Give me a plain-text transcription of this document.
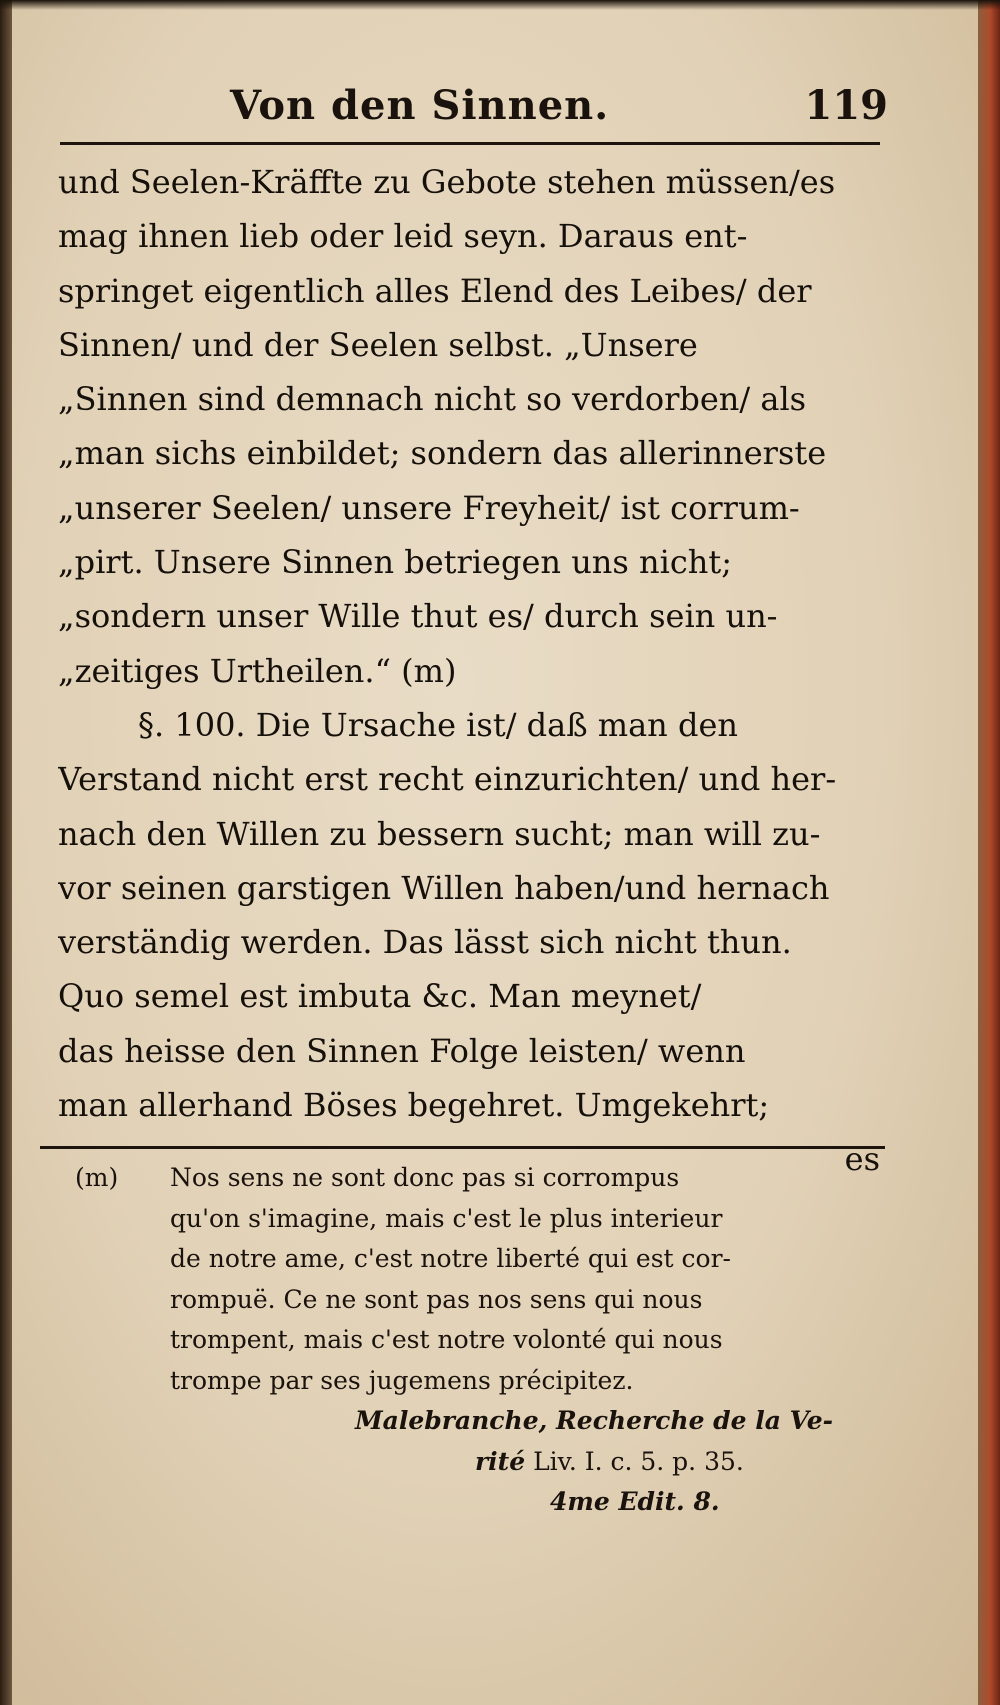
Von den Sinnen.	119
und Seelen-Kräffte zu Gebote stehen müssen/es
mag ihnen lieb oder leid seyn. Daraus ent-
springet eigentlich alles Elend des Leibes/ der
Sinnen/ und der Seelen selbst. „Unsere
„Sinnen sind demnach nicht so verdorben/ als
„man sichs einbildet; sondern das allerinnerste
„unserer Seelen/ unsere Freyheit/ ist corrum-
„pirt. Unsere Sinnen betriegen uns nicht;
„sondern unser Wille thut es/ durch sein un-
„zeitiges Urtheilen.“ (m)
§. 100. Die Ursache ist/ daß man den
Verstand nicht erst recht einzurichten/ und her-
nach den Willen zu bessern sucht; man will zu-
vor seinen garstigen Willen haben/und hernach
verständig werden. Das lässt sich nicht thun.
Quo semel est imbuta &c. Man meynet/
das heisse den Sinnen Folge leisten/ wenn
man allerhand Böses begehret. Umgekehrt;
es
(m) Nos sens ne sont donc pas si corrompus
qu'on s'imagine, mais c'est le plus interieur
de notre ame, c'est notre liberté qui est cor-
rompuë. Ce ne sont pas nos sens qui nous
trompent, mais c'est notre volonté qui nous
trompe par ses jugemens précipitez.
Malebranche, Recherche de la Ve-
rité Liv. I. c. 5. p. 35.
4me Edit. 8.
